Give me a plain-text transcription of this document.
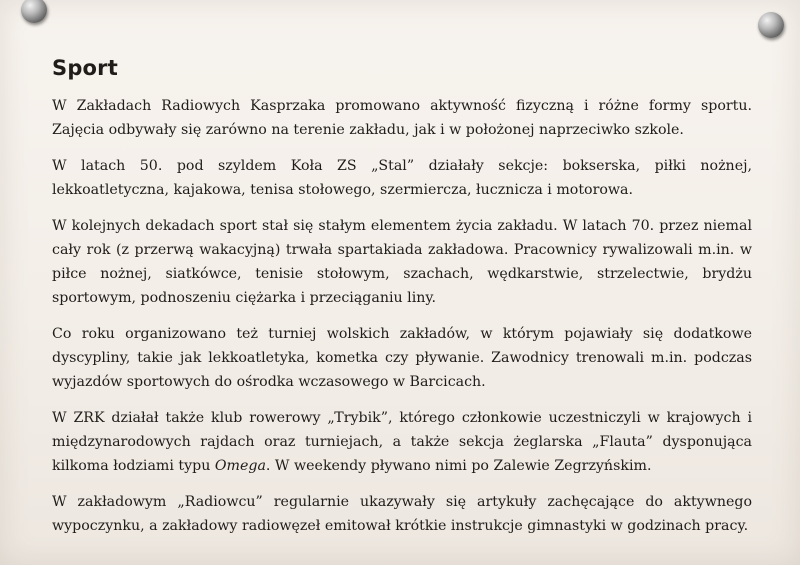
Sport

W Zakładach Radiowych Kasprzaka promowano aktywność fizyczną i różne formy sportu. Zajęcia odbywały się zarówno na terenie zakładu, jak i w położonej naprzeciwko szkole.

W latach 50. pod szyldem Koła ZS „Stal” działały sekcje: bokserska, piłki nożnej, lekkoatletyczna, kajakowa, tenisa stołowego, szermiercza, łucznicza i motorowa.

W kolejnych dekadach sport stał się stałym elementem życia zakładu. W latach 70. przez niemal cały rok (z przerwą wakacyjną) trwała spartakiada zakładowa. Pracownicy rywalizowali m.in. w piłce nożnej, siatkówce, tenisie stołowym, szachach, wędkarstwie, strzelectwie, brydżu sportowym, podnoszeniu ciężarka i przeciąganiu liny.

Co roku organizowano też turniej wolskich zakładów, w którym pojawiały się dodatkowe dyscypliny, takie jak lekkoatletyka, kometka czy pływanie. Zawodnicy trenowali m.in. podczas wyjazdów sportowych do ośrodka wczasowego w Barcicach.

W ZRK działał także klub rowerowy „Trybik”, którego członkowie uczestniczyli w krajowych i międzynarodowych rajdach oraz turniejach, a także sekcja żeglarska „Flauta” dysponująca kilkoma łodziami typu Omega. W weekendy pływano nimi po Zalewie Zegrzyńskim.

W zakładowym „Radiowcu” regularnie ukazywały się artykuły zachęcające do aktywnego wypoczynku, a zakładowy radiowęzeł emitował krótkie instrukcje gimnastyki w godzinach pracy.
